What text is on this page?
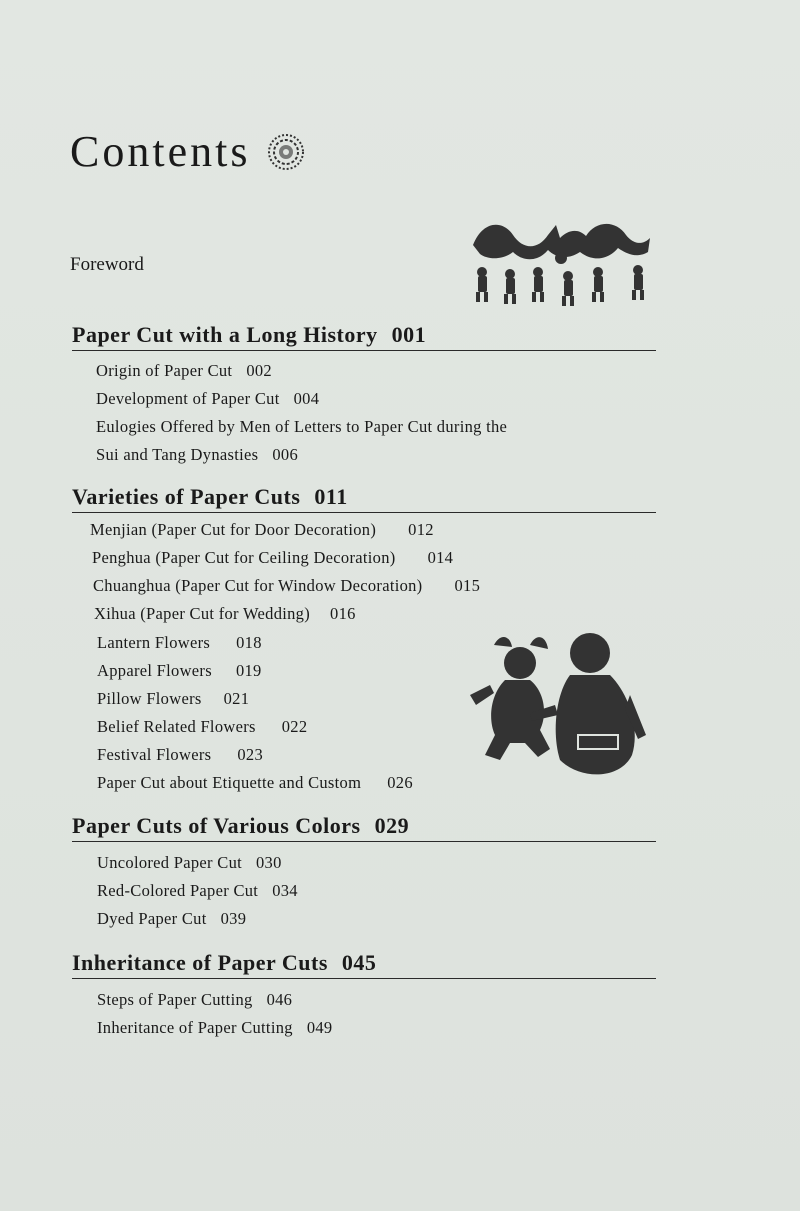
Contents
Foreword
Paper Cut with a Long History 001
Origin of Paper Cut 002
Development of Paper Cut 004
Eulogies Offered by Men of Letters to Paper Cut during the
Sui and Tang Dynasties 006
Varieties of Paper Cuts 011
Menjian (Paper Cut for Door Decoration) 012
Penghua (Paper Cut for Ceiling Decoration) 014
Chuanghua (Paper Cut for Window Decoration) 015
Xihua (Paper Cut for Wedding) 016
Lantern Flowers 018
Apparel Flowers 019
Pillow Flowers 021
Belief Related Flowers 022
Festival Flowers 023
Paper Cut about Etiquette and Custom 026
Paper Cuts of Various Colors 029
Uncolored Paper Cut 030
Red-Colored Paper Cut 034
Dyed Paper Cut 039
Inheritance of Paper Cuts 045
Steps of Paper Cutting 046
Inheritance of Paper Cutting 049
